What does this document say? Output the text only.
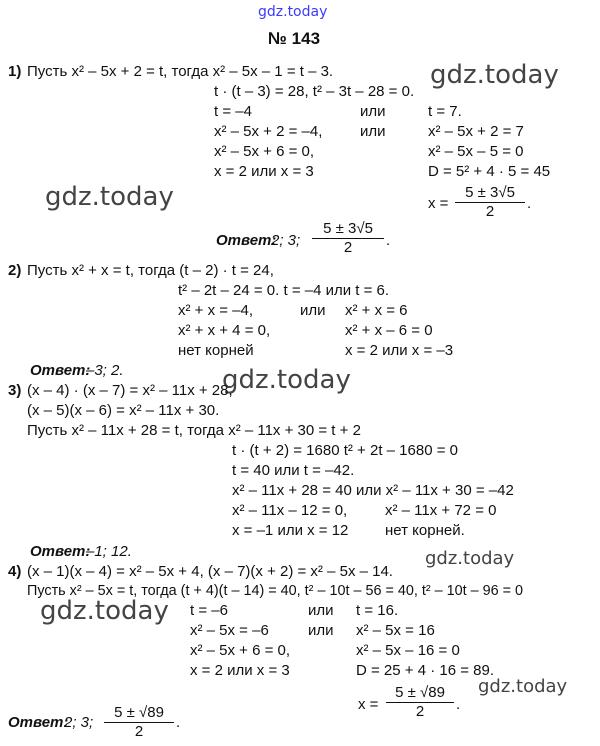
gdz.today
№ 143
gdz.today
gdz.today
gdz.today
gdz.today
gdz.today
gdz.today
1) Пусть x² – 5x + 2 = t, тогда x² – 5x – 1 = t – 3.
t · (t – 3) = 28, t² – 3t – 28 = 0.
t = –4	или	t = 7.
x² – 5x + 2 = –4,	или	x² – 5x + 2 = 7
x² – 5x + 6 = 0,	x² – 5x – 5 = 0
x = 2 или x = 3	D = 5² + 4 · 5 = 45
$x = \frac{5 \pm 3√5}{2}$ .
Ответ:
2; 3; $\frac{5 \pm 3√5}{2}$ .
2) Пусть x² + x = t, тогда (t – 2) · t = 24,
t² – 2t – 24 = 0. t = –4 или t = 6.
x² + x = –4,	или x² + x = 6
x² + x + 4 = 0,	x² + x – 6 = 0
нет корней	x = 2 или x = –3
Ответ:
–3; 2.
3) (x – 4) · (x – 7) = x² – 11x + 28,
(x – 5)(x – 6) = x² – 11x + 30.
Пусть x² – 11x + 28 = t, тогда x² – 11x + 30 = t + 2
t · (t + 2) = 1680 t² + 2t – 1680 = 0
t = 40 или t = –42.
x² – 11x + 28 = 40 или x² – 11x + 30 = –42
x² – 11x – 12 = 0,	x² – 11x + 72 = 0
x = –1 или x = 12 нет корней.
Ответ:
–1; 12.
4) (x – 1)(x – 4) = x² – 5x + 4, (x – 7)(x + 2) = x² – 5x – 14.
Пусть x² – 5x = t, тогда (t + 4)(t – 14) = 40, t² – 10t – 56 = 40, t² – 10t – 96 = 0
t = –6	или t = 16.
x² – 5x = –6	или x² – 5x = 16
x² – 5x + 6 = 0,	x² – 5x – 16 = 0
x = 2 или x = 3	D = 25 + 4 · 16 = 89.
$x = \frac{5 \pm √89}{2}$ .
Ответ:
2; 3; $\frac{5 \pm √89}{2}$ .
